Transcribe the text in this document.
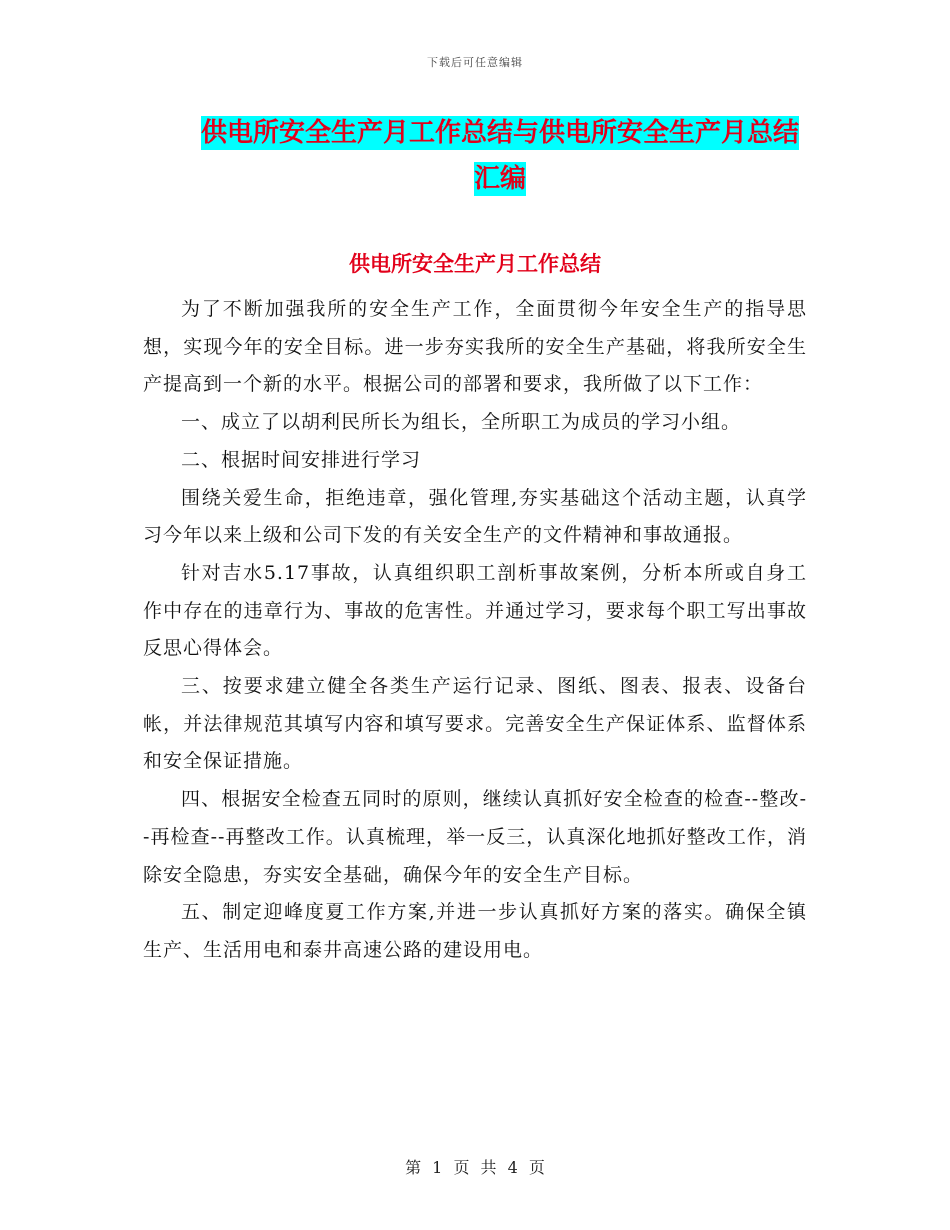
下载后可任意编辑
供电所安全生产月工作总结与供电所安全生产月总结
汇编
供电所安全生产月工作总结

为了不断加强我所的安全生产工作，全面贯彻今年安全生产的指导思想，实现今年的安全目标。进一步夯实我所的安全生产基础，将我所安全生产提高到一个新的水平。根据公司的部署和要求，我所做了以下工作：

一、成立了以胡利民所长为组长，全所职工为成员的学习小组。

二、根据时间安排进行学习

围绕关爱生命，拒绝违章，强化管理,夯实基础这个活动主题，认真学习今年以来上级和公司下发的有关安全生产的文件精神和事故通报。

针对吉水5.17事故，认真组织职工剖析事故案例，分析本所或自身工作中存在的违章行为、事故的危害性。并通过学习，要求每个职工写出事故反思心得体会。

三、按要求建立健全各类生产运行记录、图纸、图表、报表、设备台帐，并法律规范其填写内容和填写要求。完善安全生产保证体系、监督体系和安全保证措施。

四、根据安全检查五同时的原则，继续认真抓好安全检查的检查--整改--再检查--再整改工作。认真梳理，举一反三，认真深化地抓好整改工作，消除安全隐患，夯实安全基础，确保今年的安全生产目标。

五、制定迎峰度夏工作方案,并进一步认真抓好方案的落实。确保全镇生产、生活用电和泰井高速公路的建设用电。

第 1 页 共 4 页
